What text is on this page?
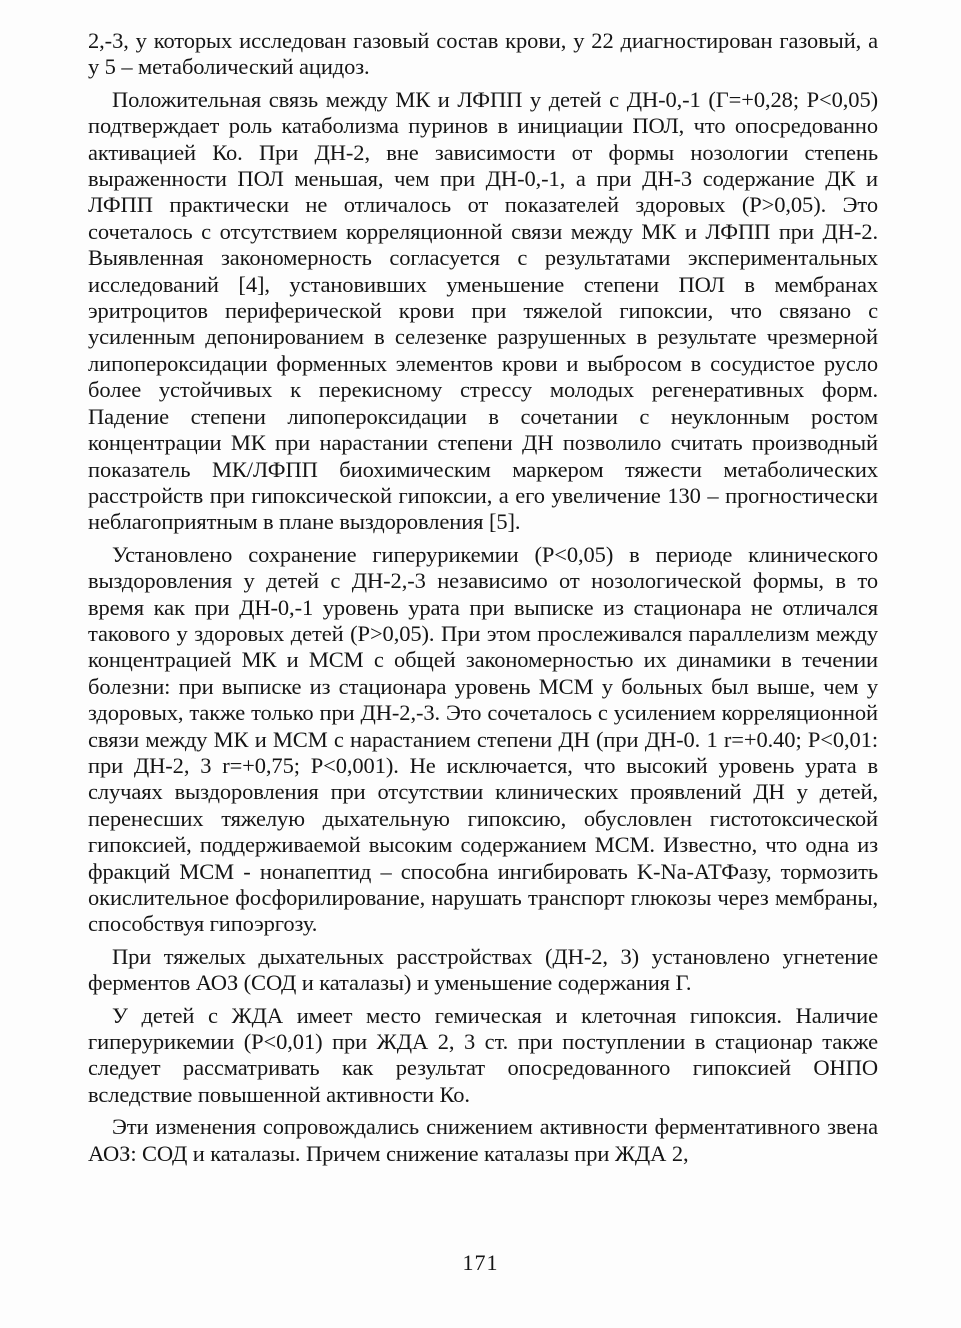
2,-3, у которых исследован газовый состав крови, у 22 диагностирован газовый, а у 5 – метаболический ацидоз.

Положительная связь между МК и ЛФПП у детей с ДН-0,-1 (Г=+0,28; Р<0,05) подтверждает роль катаболизма пуринов в инициации ПОЛ, что опосредованно активацией Ко. При ДН-2, вне зависимости от формы нозологии степень выраженности ПОЛ меньшая, чем при ДН-0,-1, а при ДН-3 содержание ДК и ЛФПП практически не отличалось от показателей здоровых (Р>0,05). Это сочеталось с отсутствием корреляционной связи между МК и ЛФПП при ДН-2. Выявленная закономерность согласуется с результатами экспериментальных исследований [4], установивших уменьшение степени ПОЛ в мембранах эритроцитов периферической крови при тяжелой гипоксии, что связано с усиленным депонированием в селезенке разрушенных в результате чрезмерной липопероксидации форменных элементов крови и выбросом в сосудистое русло более устойчивых к перекисному стрессу молодых регенеративных форм. Падение степени липопероксидации в сочетании с неуклонным ростом концентрации МК при нарастании степени ДН позволило считать производный показатель МК/ЛФПП биохимическим маркером тяжести метаболических расстройств при гипоксической гипоксии, а его увеличение 130 – прогностически неблагоприятным в плане выздоровления [5].

Установлено сохранение гиперурикемии (Р<0,05) в периоде клинического выздоровления у детей с ДН-2,-3 независимо от нозологической формы, в то время как при ДН-0,-1 уровень урата при выписке из стационара не отличался такового у здоровых детей (Р>0,05). При этом прослеживался параллелизм между концентрацией МК и МСМ с общей закономерностью их динамики в течении болезни: при выписке из стационара уровень МСМ у больных был выше, чем у здоровых, также только при ДН-2,-3. Это сочеталось с усилением корреляционной связи между МК и МСМ с нарастанием степени ДН (при ДН-0. 1 r=+0.40; Р<0,01: при ДН-2, 3 r=+0,75; Р<0,001). Не исключается, что высокий уровень урата в случаях выздоровления при отсутствии клинических проявлений ДН у детей, перенесших тяжелую дыхательную гипоксию, обусловлен гистотоксической гипоксией, поддерживаемой высоким содержанием МСМ. Известно, что одна из фракций МСМ - нонапептид – способна ингибировать K-Na-АТФазу, тормозить окислительное фосфорилирование, нарушать транспорт глюкозы через мембраны, способствуя гипоэргозу.

При тяжелых дыхательных расстройствах (ДН-2, 3) установлено угнетение ферментов АОЗ (СОД и каталазы) и уменьшение содержания Г.

У детей с ЖДА имеет место гемическая и клеточная гипоксия. Наличие гиперурикемии (Р<0,01) при ЖДА 2, 3 ст. при поступлении в стационар также следует рассматривать как результат опосредованного гипоксией ОНПО вследствие повышенной активности Ко.

Эти изменения сопровождались снижением активности ферментативного звена АОЗ: СОД и каталазы. Причем снижение каталазы при ЖДА 2,

171
